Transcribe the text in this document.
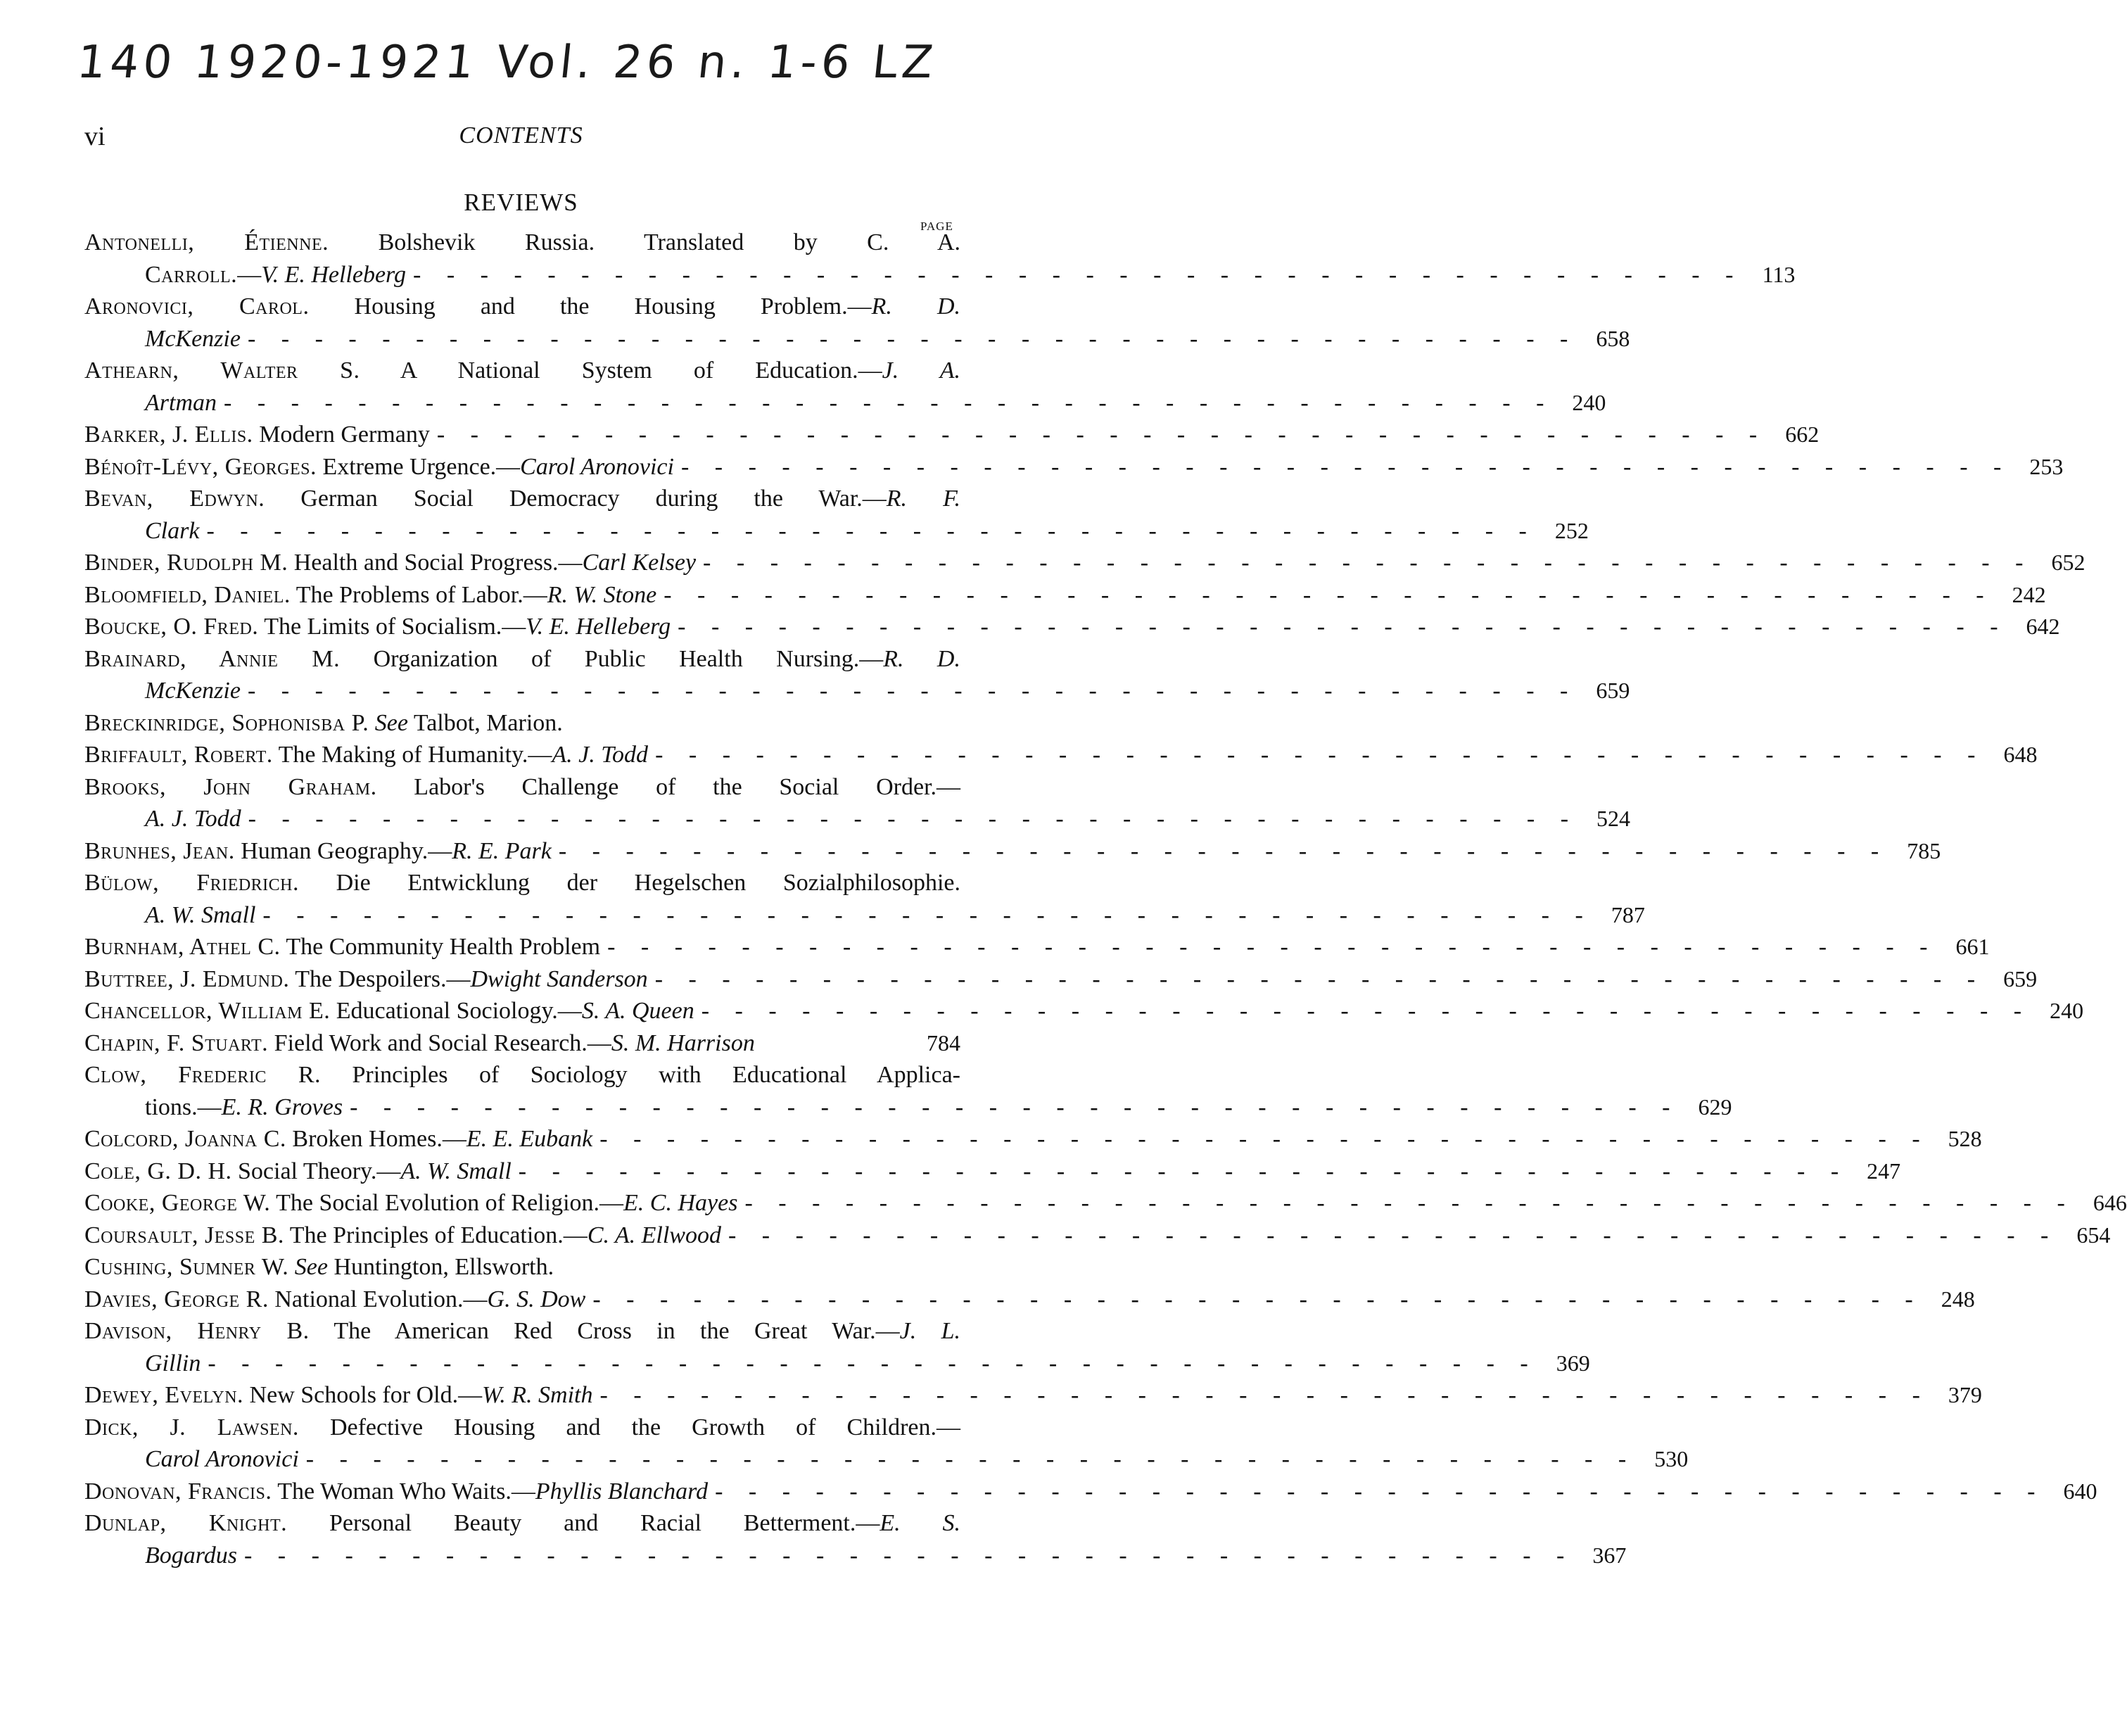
140 1920-1921 Vol. 26 n. 1-6 LZ
vi	CONTENTS
REVIEWS
PAGE
Antonelli, Étienne. Bolshevik Russia. Translated by C. A.
Carroll.—V. E. Helleberg - - - - - - - - - - - - - - - - - - - - - - - - - - - - - - - - - - - - - - - - 113
Aronovici, Carol. Housing and the Housing Problem.—R. D.
McKenzie - - - - - - - - - - - - - - - - - - - - - - - - - - - - - - - - - - - - - - - - 658
Athearn, Walter S. A National System of Education.—J. A.
Artman - - - - - - - - - - - - - - - - - - - - - - - - - - - - - - - - - - - - - - - - 240
Barker, J. Ellis. Modern Germany - - - - - - - - - - - - - - - - - - - - - - - - - - - - - - - - - - - - - - - - 662
Bénoît-Lévy, Georges. Extreme Urgence.—Carol Aronovici - - - - - - - - - - - - - - - - - - - - - - - - - - - - - - - - - - - - - - - - 253
Bevan, Edwyn. German Social Democracy during the War.—R. F.
Clark - - - - - - - - - - - - - - - - - - - - - - - - - - - - - - - - - - - - - - - - 252
Binder, Rudolph M. Health and Social Progress.—Carl Kelsey - - - - - - - - - - - - - - - - - - - - - - - - - - - - - - - - - - - - - - - - 652
Bloomfield, Daniel. The Problems of Labor.—R. W. Stone - - - - - - - - - - - - - - - - - - - - - - - - - - - - - - - - - - - - - - - - 242
Boucke, O. Fred. The Limits of Socialism.—V. E. Helleberg - - - - - - - - - - - - - - - - - - - - - - - - - - - - - - - - - - - - - - - - 642
Brainard, Annie M. Organization of Public Health Nursing.—R. D.
McKenzie - - - - - - - - - - - - - - - - - - - - - - - - - - - - - - - - - - - - - - - - 659
Breckinridge, Sophonisba P. See Talbot, Marion.
Briffault, Robert. The Making of Humanity.—A. J. Todd - - - - - - - - - - - - - - - - - - - - - - - - - - - - - - - - - - - - - - - - 648
Brooks, John Graham. Labor's Challenge of the Social Order.—
A. J. Todd - - - - - - - - - - - - - - - - - - - - - - - - - - - - - - - - - - - - - - - - 524
Brunhes, Jean. Human Geography.—R. E. Park - - - - - - - - - - - - - - - - - - - - - - - - - - - - - - - - - - - - - - - - 785
Bülow, Friedrich. Die Entwicklung der Hegelschen Sozialphilosophie.
A. W. Small - - - - - - - - - - - - - - - - - - - - - - - - - - - - - - - - - - - - - - - - 787
Burnham, Athel C. The Community Health Problem - - - - - - - - - - - - - - - - - - - - - - - - - - - - - - - - - - - - - - - - 661
Buttree, J. Edmund. The Despoilers.—Dwight Sanderson - - - - - - - - - - - - - - - - - - - - - - - - - - - - - - - - - - - - - - - - 659
Chancellor, William E. Educational Sociology.—S. A. Queen - - - - - - - - - - - - - - - - - - - - - - - - - - - - - - - - - - - - - - - - 240
Chapin, F. Stuart. Field Work and Social Research.—S. M. Harrison	784
Clow, Frederic R. Principles of Sociology with Educational Applica-
tions.—E. R. Groves - - - - - - - - - - - - - - - - - - - - - - - - - - - - - - - - - - - - - - - - 629
Colcord, Joanna C. Broken Homes.—E. E. Eubank - - - - - - - - - - - - - - - - - - - - - - - - - - - - - - - - - - - - - - - - 528
Cole, G. D. H. Social Theory.—A. W. Small - - - - - - - - - - - - - - - - - - - - - - - - - - - - - - - - - - - - - - - - 247
Cooke, George W. The Social Evolution of Religion.—E. C. Hayes - - - - - - - - - - - - - - - - - - - - - - - - - - - - - - - - - - - - - - - - 646
Coursault, Jesse B. The Principles of Education.—C. A. Ellwood - - - - - - - - - - - - - - - - - - - - - - - - - - - - - - - - - - - - - - - - 654
Cushing, Sumner W. See Huntington, Ellsworth.
Davies, George R. National Evolution.—G. S. Dow - - - - - - - - - - - - - - - - - - - - - - - - - - - - - - - - - - - - - - - - 248
Davison, Henry B. The American Red Cross in the Great War.—J. L.
Gillin - - - - - - - - - - - - - - - - - - - - - - - - - - - - - - - - - - - - - - - - 369
Dewey, Evelyn. New Schools for Old.—W. R. Smith - - - - - - - - - - - - - - - - - - - - - - - - - - - - - - - - - - - - - - - - 379
Dick, J. Lawsen. Defective Housing and the Growth of Children.—
Carol Aronovici - - - - - - - - - - - - - - - - - - - - - - - - - - - - - - - - - - - - - - - - 530
Donovan, Francis. The Woman Who Waits.—Phyllis Blanchard - - - - - - - - - - - - - - - - - - - - - - - - - - - - - - - - - - - - - - - - 640
Dunlap, Knight. Personal Beauty and Racial Betterment.—E. S.
Bogardus - - - - - - - - - - - - - - - - - - - - - - - - - - - - - - - - - - - - - - - - 367
